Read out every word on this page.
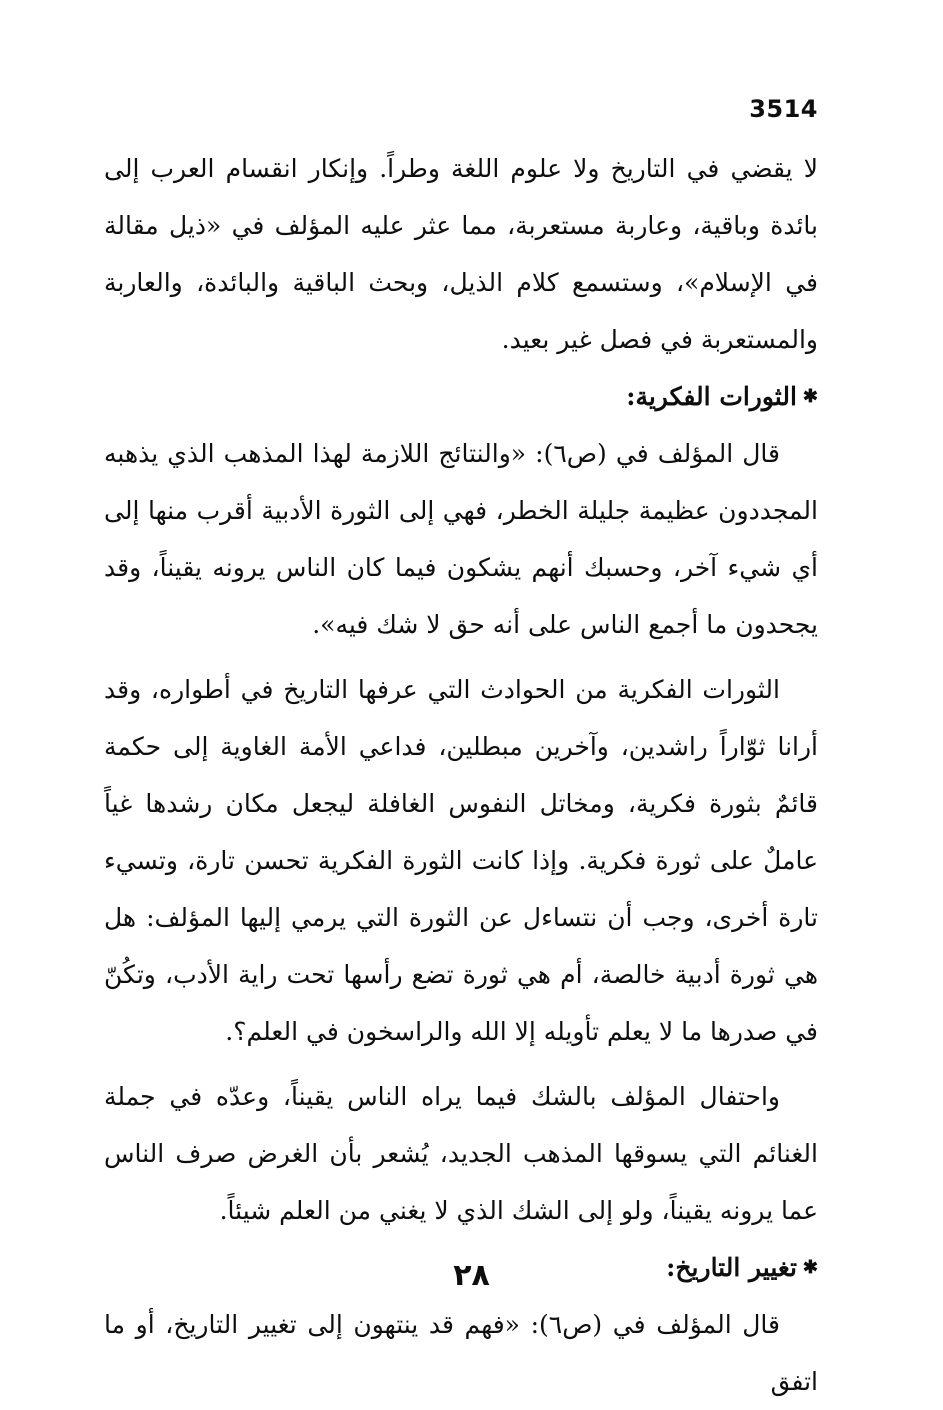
3514

لا يقضي في التاريخ ولا علوم اللغة وطراً. وإنكار انقسام العرب إلى بائدة وباقية، وعاربة مستعربة، مما عثر عليه المؤلف في «ذيل مقالة في الإسلام»، وستسمع كلام الذيل، وبحث الباقية والبائدة، والعاربة والمستعربة في فصل غير بعيد.

✱الثورات الفكرية:

قال المؤلف في (ص٦): «والنتائج اللازمة لهذا المذهب الذي يذهبه المجددون عظيمة جليلة الخطر، فهي إلى الثورة الأدبية أقرب منها إلى أي شيء آخر، وحسبك أنهم يشكون فيما كان الناس يرونه يقيناً، وقد يجحدون ما أجمع الناس على أنه حق لا شك فيه».

الثورات الفكرية من الحوادث التي عرفها التاريخ في أطواره، وقد أرانا ثوّاراً راشدين، وآخرين مبطلين، فداعي الأمة الغاوية إلى حكمة قائمٌ بثورة فكرية، ومخاتل النفوس الغافلة ليجعل مكان رشدها غياً عاملٌ على ثورة فكرية. وإذا كانت الثورة الفكرية تحسن تارة، وتسيء تارة أخرى، وجب أن نتساءل عن الثورة التي يرمي إليها المؤلف: هل هي ثورة أدبية خالصة، أم هي ثورة تضع رأسها تحت راية الأدب، وتكُنّ في صدرها ما لا يعلم تأويله إلا الله والراسخون في العلم؟.

واحتفال المؤلف بالشك فيما يراه الناس يقيناً، وعدّه في جملة الغنائم التي يسوقها المذهب الجديد، يُشعر بأن الغرض صرف الناس عما يرونه يقيناً، ولو إلى الشك الذي لا يغني من العلم شيئاً.

✱تغيير التاريخ:

قال المؤلف في (ص٦): «فهم قد ينتهون إلى تغيير التاريخ، أو ما اتفق

٢٨
